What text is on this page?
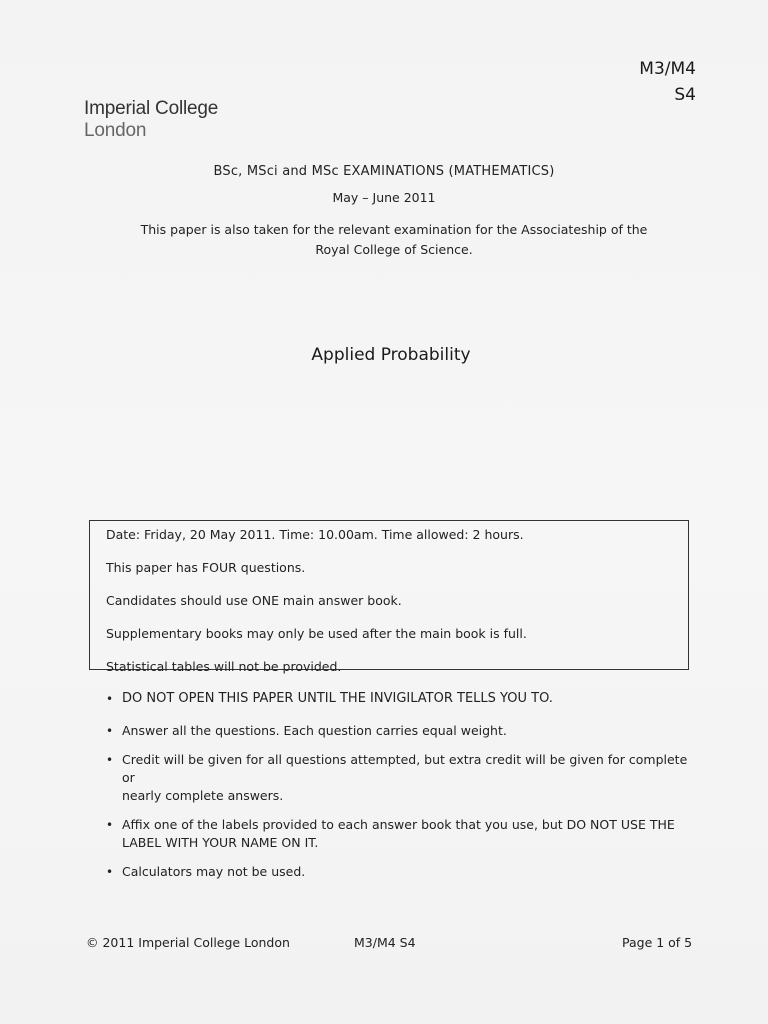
M3/M4
S4
Imperial College
London
BSc, MSci and MSc EXAMINATIONS (MATHEMATICS)
May – June 2011
This paper is also taken for the relevant examination for the Associateship of the
Royal College of Science.
Applied Probability
Date: Friday, 20 May 2011. Time: 10.00am. Time allowed: 2 hours.
This paper has FOUR questions.
Candidates should use ONE main answer book.
Supplementary books may only be used after the main book is full.
Statistical tables will not be provided.
• DO NOT OPEN THIS PAPER UNTIL THE INVIGILATOR TELLS YOU TO.
• Answer all the questions. Each question carries equal weight.
• Credit will be given for all questions attempted, but extra credit will be given for complete or
nearly complete answers.
• Affix one of the labels provided to each answer book that you use, but DO NOT USE THE
LABEL WITH YOUR NAME ON IT.
• Calculators may not be used.
© 2011 Imperial College London	M3/M4 S4	Page 1 of 5
